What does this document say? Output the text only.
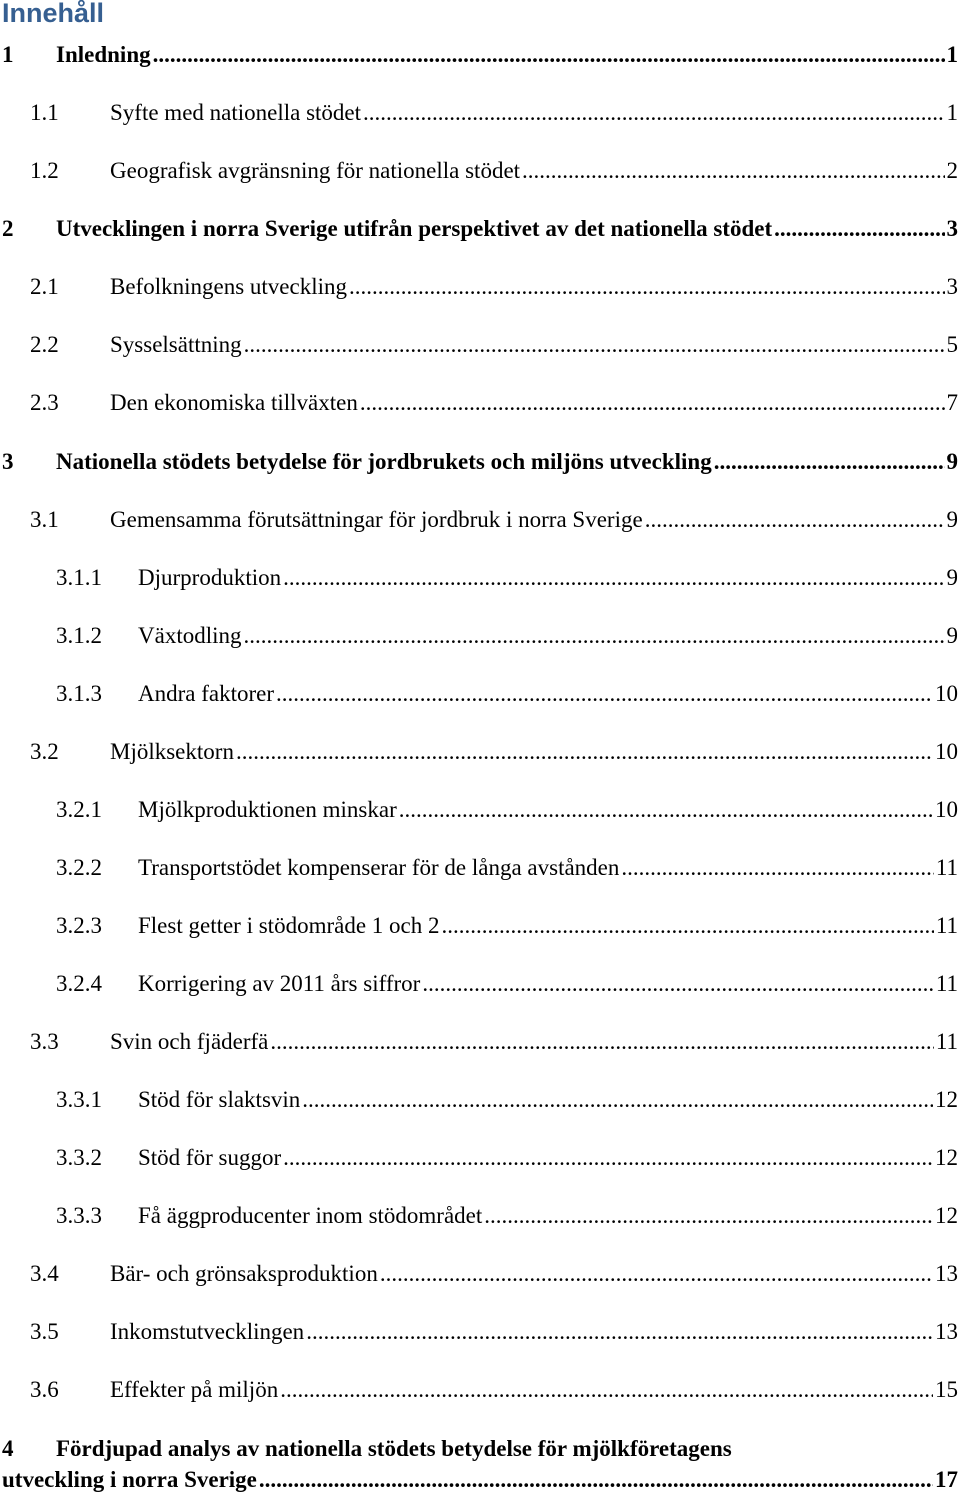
Innehåll
1	Inledning .....	1
1.1	Syfte med nationella stödet .....	1
1.2	Geografisk avgränsning för nationella stödet .....	2
2	Utvecklingen i norra Sverige utifrån perspektivet av det nationella stödet .....	3
2.1	Befolkningens utveckling .....	3
2.2	Sysselsättning .....	5
2.3	Den ekonomiska tillväxten .....	7
3	Nationella stödets betydelse för jordbrukets och miljöns utveckling .....	9
3.1	Gemensamma förutsättningar för jordbruk i norra Sverige .....	9
3.1.1	Djurproduktion .....	9
3.1.2	Växtodling .....	9
3.1.3	Andra faktorer .....	10
3.2	Mjölksektorn .....	10
3.2.1	Mjölkproduktionen minskar .....	10
3.2.2	Transportstödet kompenserar för de långa avstånden .....	11
3.2.3	Flest getter i stödområde 1 och 2 .....	11
3.2.4	Korrigering av 2011 års siffror .....	11
3.3	Svin och fjäderfä .....	11
3.3.1	Stöd för slaktsvin .....	12
3.3.2	Stöd för suggor .....	12
3.3.3	Få äggproducenter inom stödområdet .....	12
3.4	Bär- och grönsaksproduktion .....	13
3.5	Inkomstutvecklingen .....	13
3.6	Effekter på miljön .....	15
4	Fördjupad analys av nationella stödets betydelse för mjölkföretagens
utveckling i norra Sverige .....	17
